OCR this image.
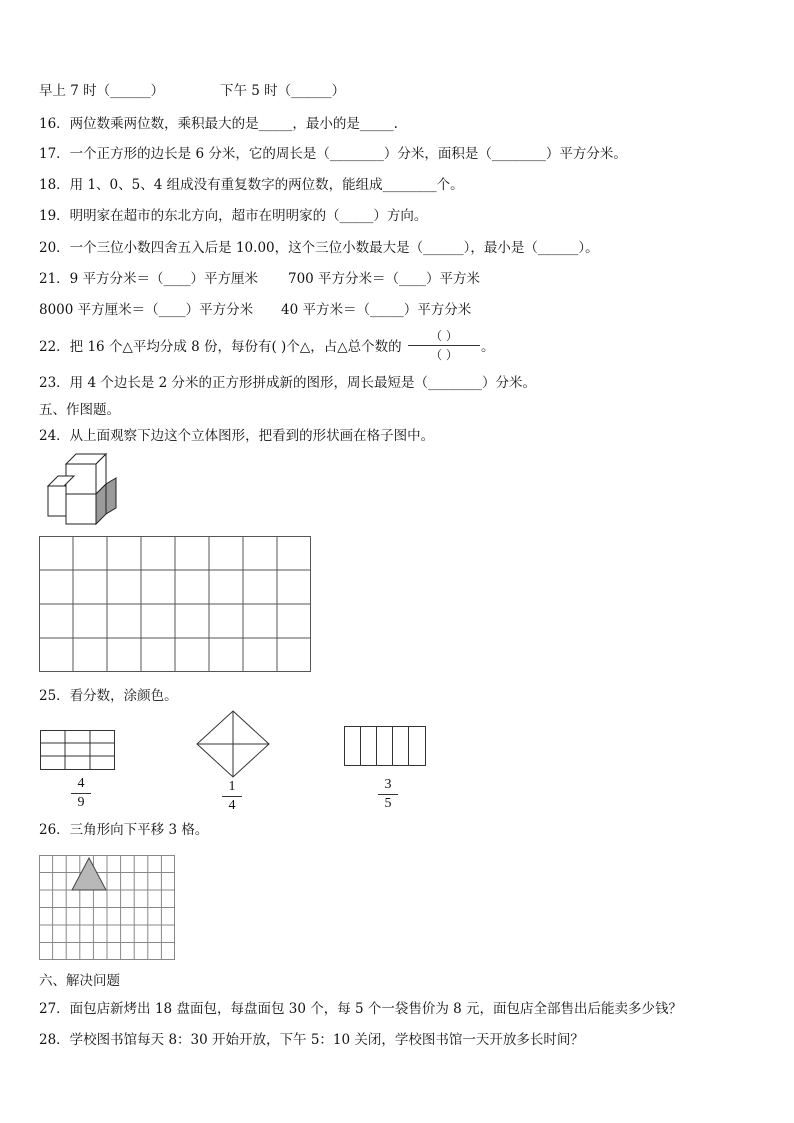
早上 7 时（______）	下午 5 时（______）
16．两位数乘两位数，乘积最大的是_____，最小的是_____.
17．一个正方形的边长是 6 分米，它的周长是（________）分米，面积是（________）平方分米。
18．用 1、0、5、4 组成没有重复数字的两位数，能组成________个。
19．明明家在超市的东北方向，超市在明明家的（_____）方向。
20．一个三位小数四舍五入后是 10.00，这个三位小数最大是（______），最小是（______）。
21．9 平方分米＝（____）平方厘米 700 平方分米＝（____）平方米
8000 平方厘米＝（____）平方分米 40 平方米＝（_____）平方分米
22．把 16 个△平均分成 8 份，每份有( )个△，占△总个数的
（ ）
（ ）	。
23．用 4 个边长是 2 分米的正方形拼成新的图形，周长最短是（________）分米。
五、作图题。
24．从上面观察下边这个立体图形，把看到的形状画在格子图中。
25．看分数，涂颜色。
4
9
1
4
3
5
26．三角形向下平移 3 格。
六、解决问题
27．面包店新烤出 18 盘面包，每盘面包 30 个，每 5 个一袋售价为 8 元，面包店全部售出后能卖多少钱？
28．学校图书馆每天 8：30 开始开放，下午 5：10 关闭，学校图书馆一天开放多长时间？
